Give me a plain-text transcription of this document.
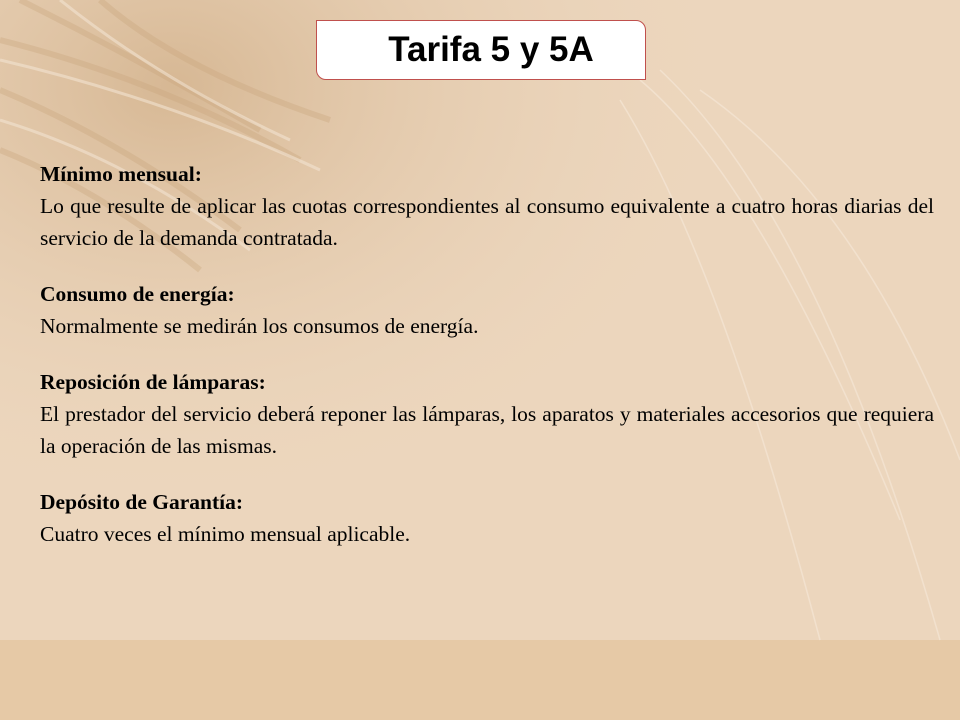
Tarifa 5 y 5A
Mínimo mensual:
Lo que resulte de aplicar las cuotas correspondientes al consumo equivalente a cuatro horas diarias del servicio de la demanda contratada.
Consumo de energía:
Normalmente se medirán los consumos de energía.
Reposición de lámparas:
El prestador del servicio deberá reponer las lámparas, los aparatos y materiales accesorios que requiera la operación de las mismas.
Depósito de Garantía:
Cuatro veces el mínimo mensual aplicable.
